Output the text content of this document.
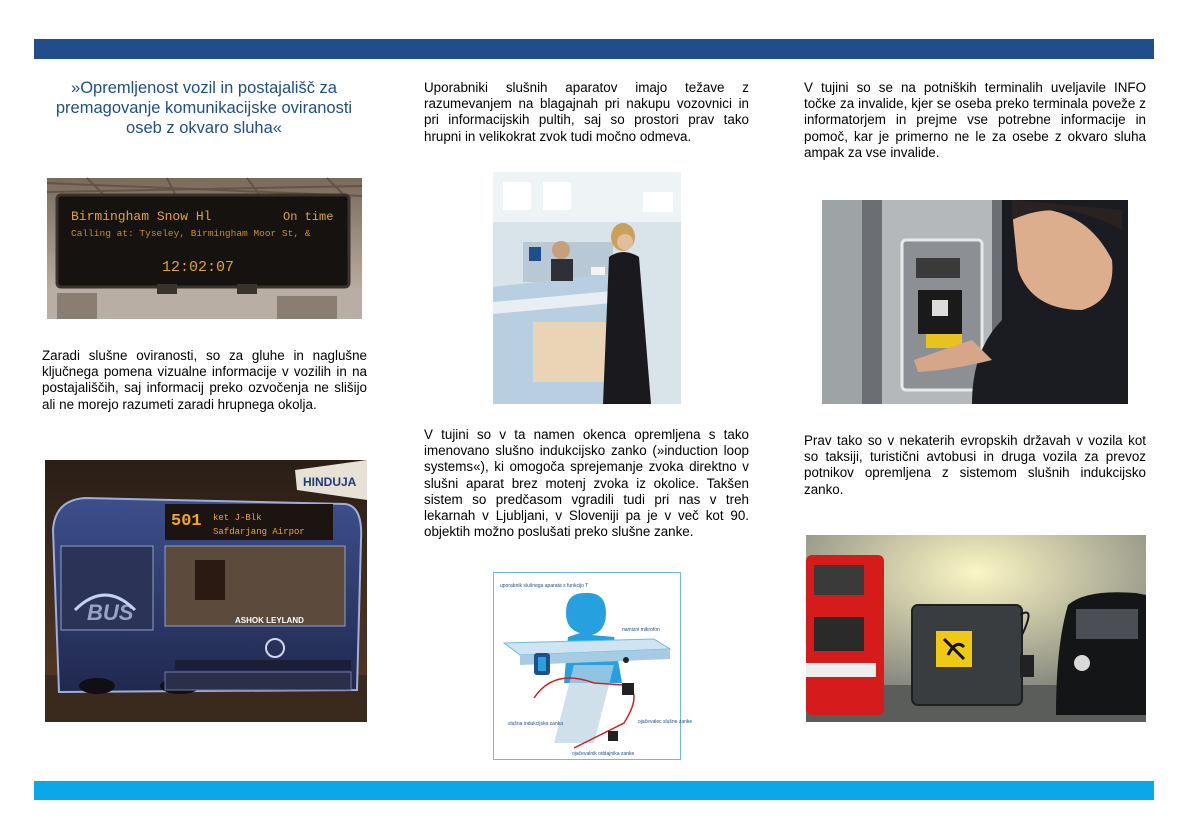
»Opremljenost vozil in postajališč za premagovanje komunikacijske oviranosti oseb z okvaro sluha«
Birmingham Snow Hl	On time
Calling at: Tyseley, Birmingham Moor St, &
12:02:07
Zaradi slušne oviranosti, so za gluhe in naglušne ključnega pomena vizualne informacije v vozilih in na postajališčih, saj informacij preko ozvočenja ne slišijo ali ne morejo razumeti zaradi hrupnega okolja.
HINDUJA
501 ket J-Blk
Safdarjang Airpor
BUS	ASHOK LEYLAND
Uporabniki slušnih aparatov imajo težave z razumevanjem na blagajnah pri nakupu vozovnici in pri informacijskih pultih, saj so prostori prav tako hrupni in velikokrat zvok tudi močno odmeva.
V tujini so v ta namen okenca opremljena s tako imenovano slušno indukcijsko zanko (»induction loop systems«), ki omogoča sprejemanje zvoka direktno v slušni aparat brez motenj zvoka iz okolice. Takšen sistem so predčasom vgradili tudi pri nas v treh lekarnah v Ljubljani, v Sloveniji pa je v več kot 90. objektih možno poslušati preko slušne zanke.
uporabnik slušnega aparata s funkcijo T
namizni mikrofon
slušna indukcijska zanka	ojačevalec slušne zanke
ojačevalnik oddajnika zanke
V tujini so se na potniških terminalih uveljavile INFO točke za invalide, kjer se oseba preko terminala poveže z informatorjem in prejme vse potrebne informacije in pomoč, kar je primerno ne le za osebe z okvaro sluha ampak za vse invalide.
Prav tako so v nekaterih evropskih državah v vozila kot so taksiji, turistični avtobusi in druga vozila za prevoz potnikov opremljena z sistemom slušnih indukcijsko zanko.
